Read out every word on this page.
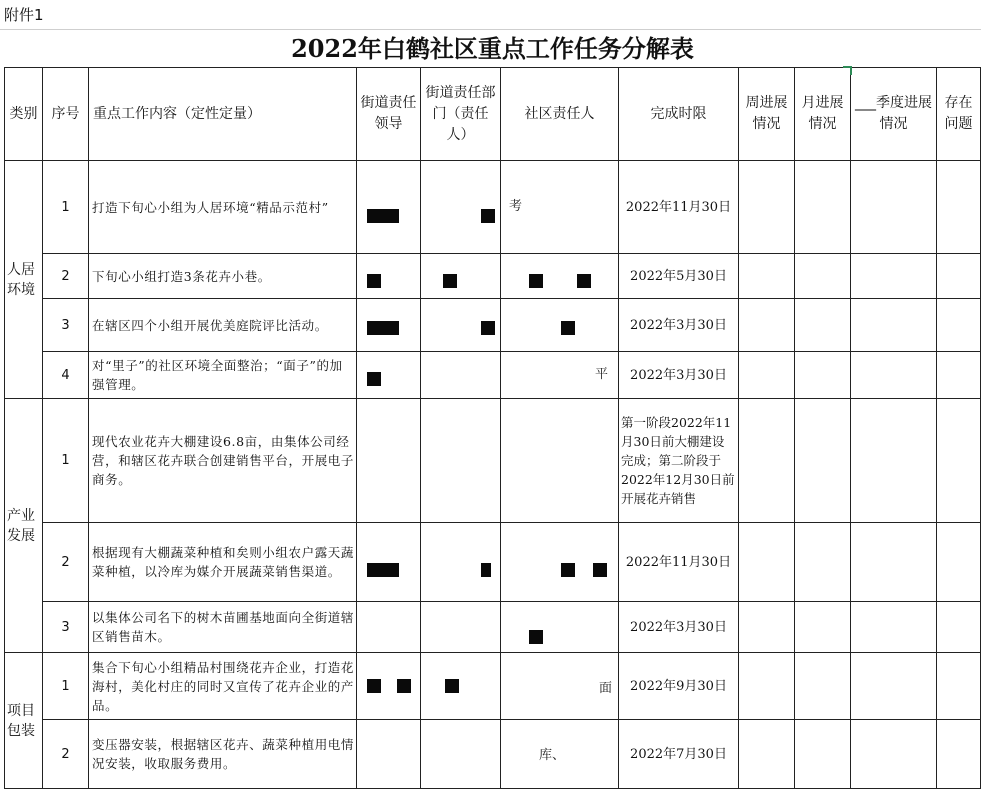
附件1
2022年白鹤社区重点工作任务分解表
类别	序号	重点工作内容（定性定量）	街道责任领导	街道责任部门（责任人）	社区责任人	完成时限	周进展情况	月进展情况	___季度进展情况	存在问题
人居环境	1	打造下旬心小组为人居环境“精品示范村”			考	2022年11月30日				
	2	下旬心小组打造3条花卉小巷。				2022年5月30日				
	3	在辖区四个小组开展优美庭院评比活动。				2022年3月30日				
	4	对“里子”的社区环境全面整治；“面子”的加强管理。			平	2022年3月30日				
产业发展	1	现代农业花卉大棚建设6.8亩，由集体公司经营，和辖区花卉联合创建销售平台，开展电子商务。				第一阶段2022年11月30日前大棚建设完成；第二阶段于2022年12月30日前开展花卉销售				
	2	根据现有大棚蔬菜种植和矣则小组农户露天蔬菜种植，以冷库为媒介开展蔬菜销售渠道。				2022年11月30日				
	3	以集体公司名下的树木苗圃基地面向全街道辖区销售苗木。				2022年3月30日				
项目包装	1	集合下旬心小组精品村围绕花卉企业，打造花海村，美化村庄的同时又宣传了花卉企业的产品。			面	2022年9月30日				
	2	变压器安装，根据辖区花卉、蔬菜种植用电情况安装，收取服务费用。			库、	2022年7月30日				
